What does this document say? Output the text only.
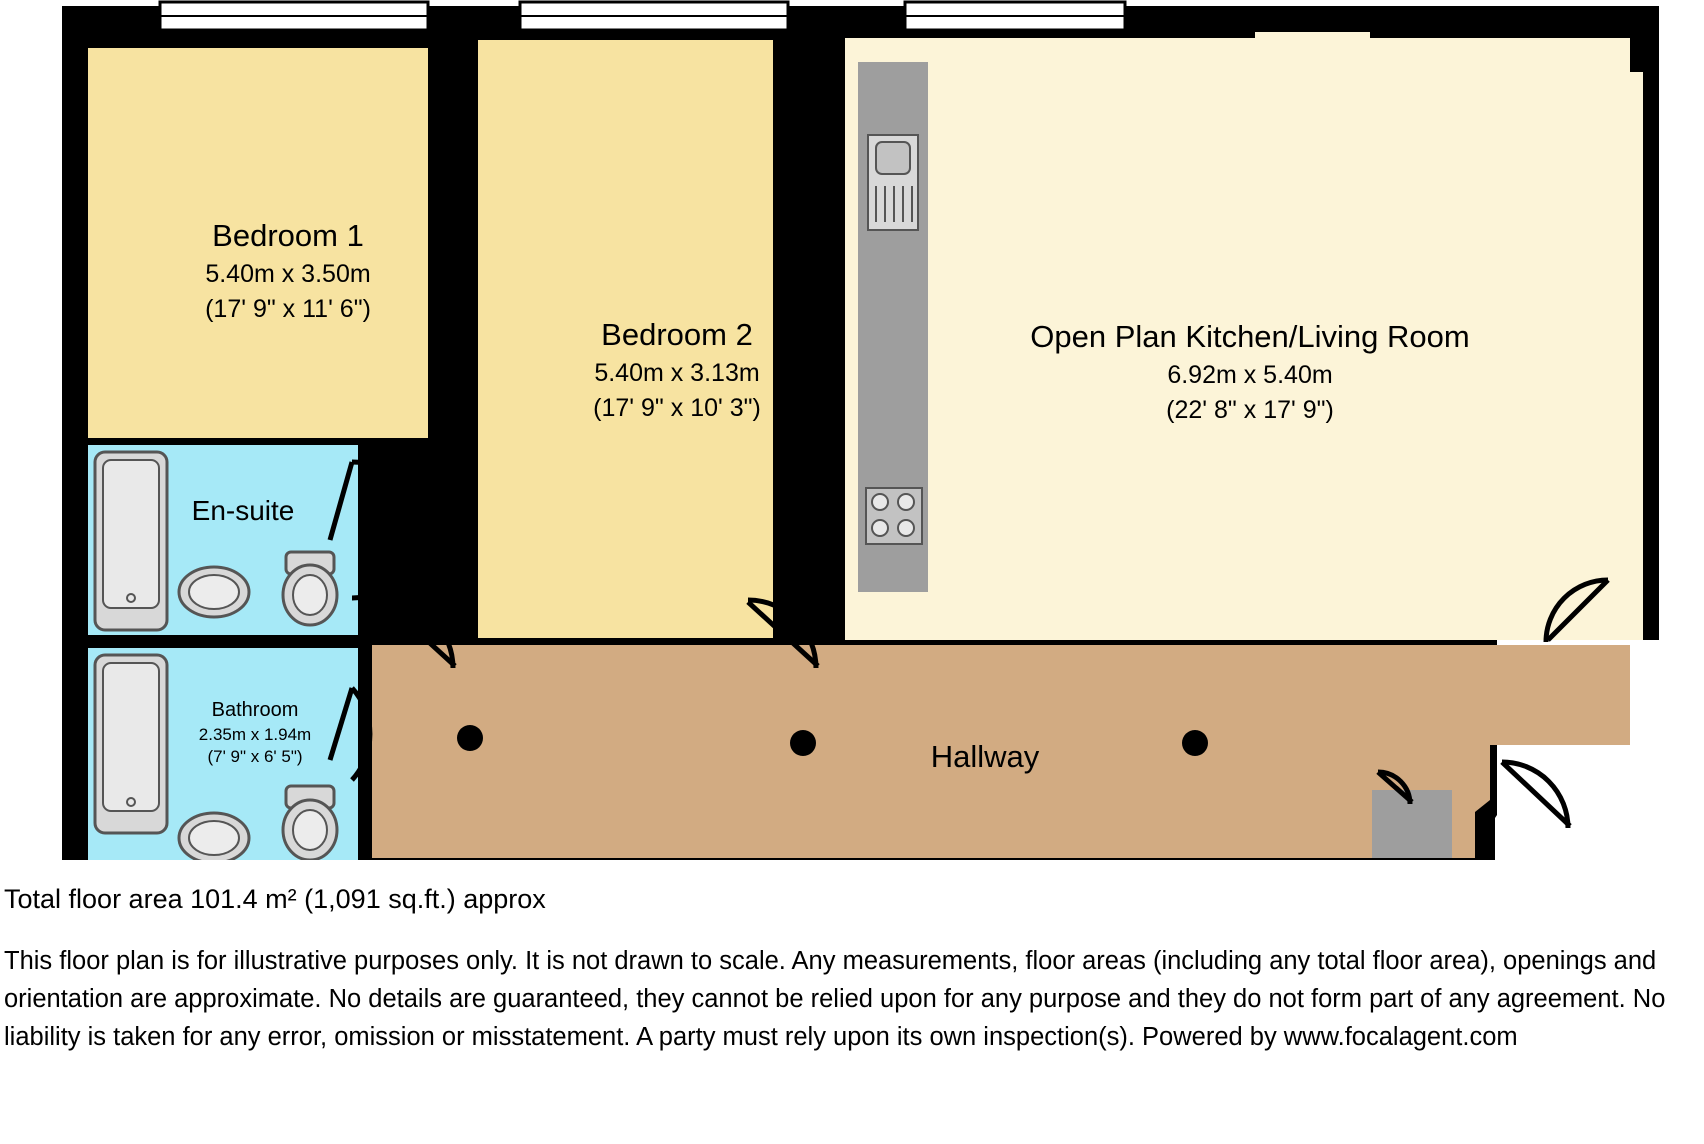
Bedroom 1
5.40m x 3.50m
(17' 9" x 11' 6")
Bedroom 2
5.40m x 3.13m
(17' 9" x 10' 3")
Open Plan Kitchen/Living Room
6.92m x 5.40m
(22' 8" x 17' 9")
En-suite
Bathroom
2.35m x 1.94m
(7' 9" x 6' 5")	Hallway
Total floor area 101.4 m² (1,091 sq.ft.) approx
This floor plan is for illustrative purposes only. It is not drawn to scale. Any measurements, floor areas (including any total floor area), openings and orientation are approximate. No details are guaranteed, they cannot be relied upon for any purpose and they do not form part of any agreement. No liability is taken for any error, omission or misstatement. A party must rely upon its own inspection(s). Powered by www.focalagent.com
